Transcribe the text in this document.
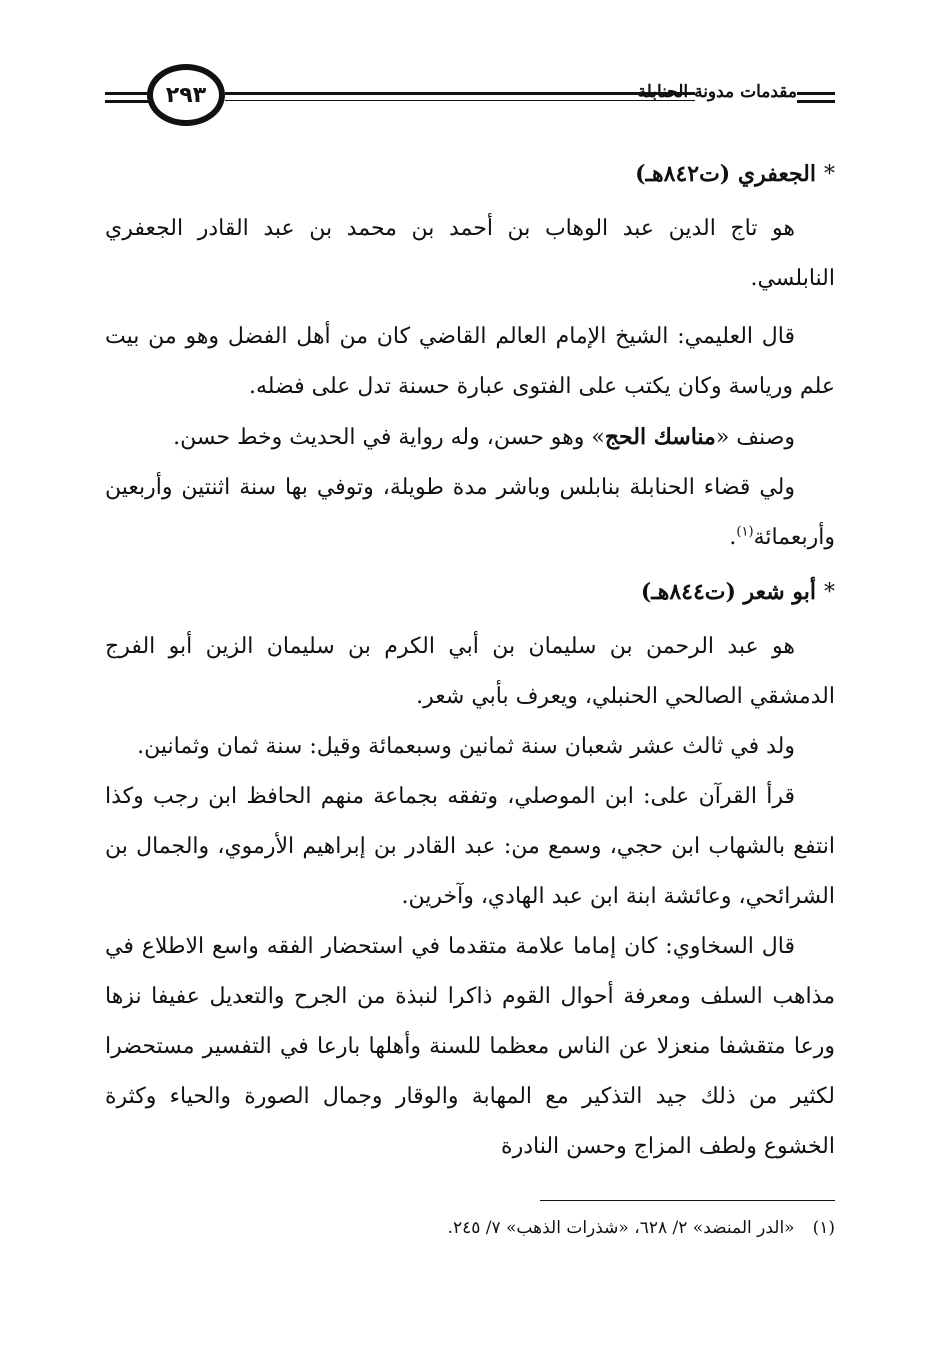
٢٩٣	مقدمات مدونة الحنابلة
*الجعفري (ت٨٤٢هـ)

هو تاج الدين عبد الوهاب بن أحمد بن محمد بن عبد القادر الجعفري النابلسي.

قال العليمي: الشيخ الإمام العالم القاضي كان من أهل الفضل وهو من بيت علم ورياسة وكان يكتب على الفتوى عبارة حسنة تدل على فضله.

وصنف «مناسك الحج» وهو حسن، وله رواية في الحديث وخط حسن.

ولي قضاء الحنابلة بنابلس وباشر مدة طويلة، وتوفي بها سنة اثنتين وأربعين وأربعمائة$^{(١)}$.

*أبو شعر (ت٨٤٤هـ)

هو عبد الرحمن بن سليمان بن أبي الكرم بن سليمان الزين أبو الفرج الدمشقي الصالحي الحنبلي، ويعرف بأبي شعر.

ولد في ثالث عشر شعبان سنة ثمانين وسبعمائة وقيل: سنة ثمان وثمانين.

قرأ القرآن على: ابن الموصلي، وتفقه بجماعة منهم الحافظ ابن رجب وكذا انتفع بالشهاب ابن حجي، وسمع من: عبد القادر بن إبراهيم الأرموي، والجمال بن الشرائحي، وعائشة ابنة ابن عبد الهادي، وآخرين.

قال السخاوي: كان إماما علامة متقدما في استحضار الفقه واسع الاطلاع في مذاهب السلف ومعرفة أحوال القوم ذاكرا لنبذة من الجرح والتعديل عفيفا نزها ورعا متقشفا منعزلا عن الناس معظما للسنة وأهلها بارعا في التفسير مستحضرا لكثير من ذلك جيد التذكير مع المهابة والوقار وجمال الصورة والحياء وكثرة الخشوع ولطف المزاج وحسن النادرة

(١)«الدر المنضد» ٢/ ٦٢٨، «شذرات الذهب» ٧/ ٢٤٥.
